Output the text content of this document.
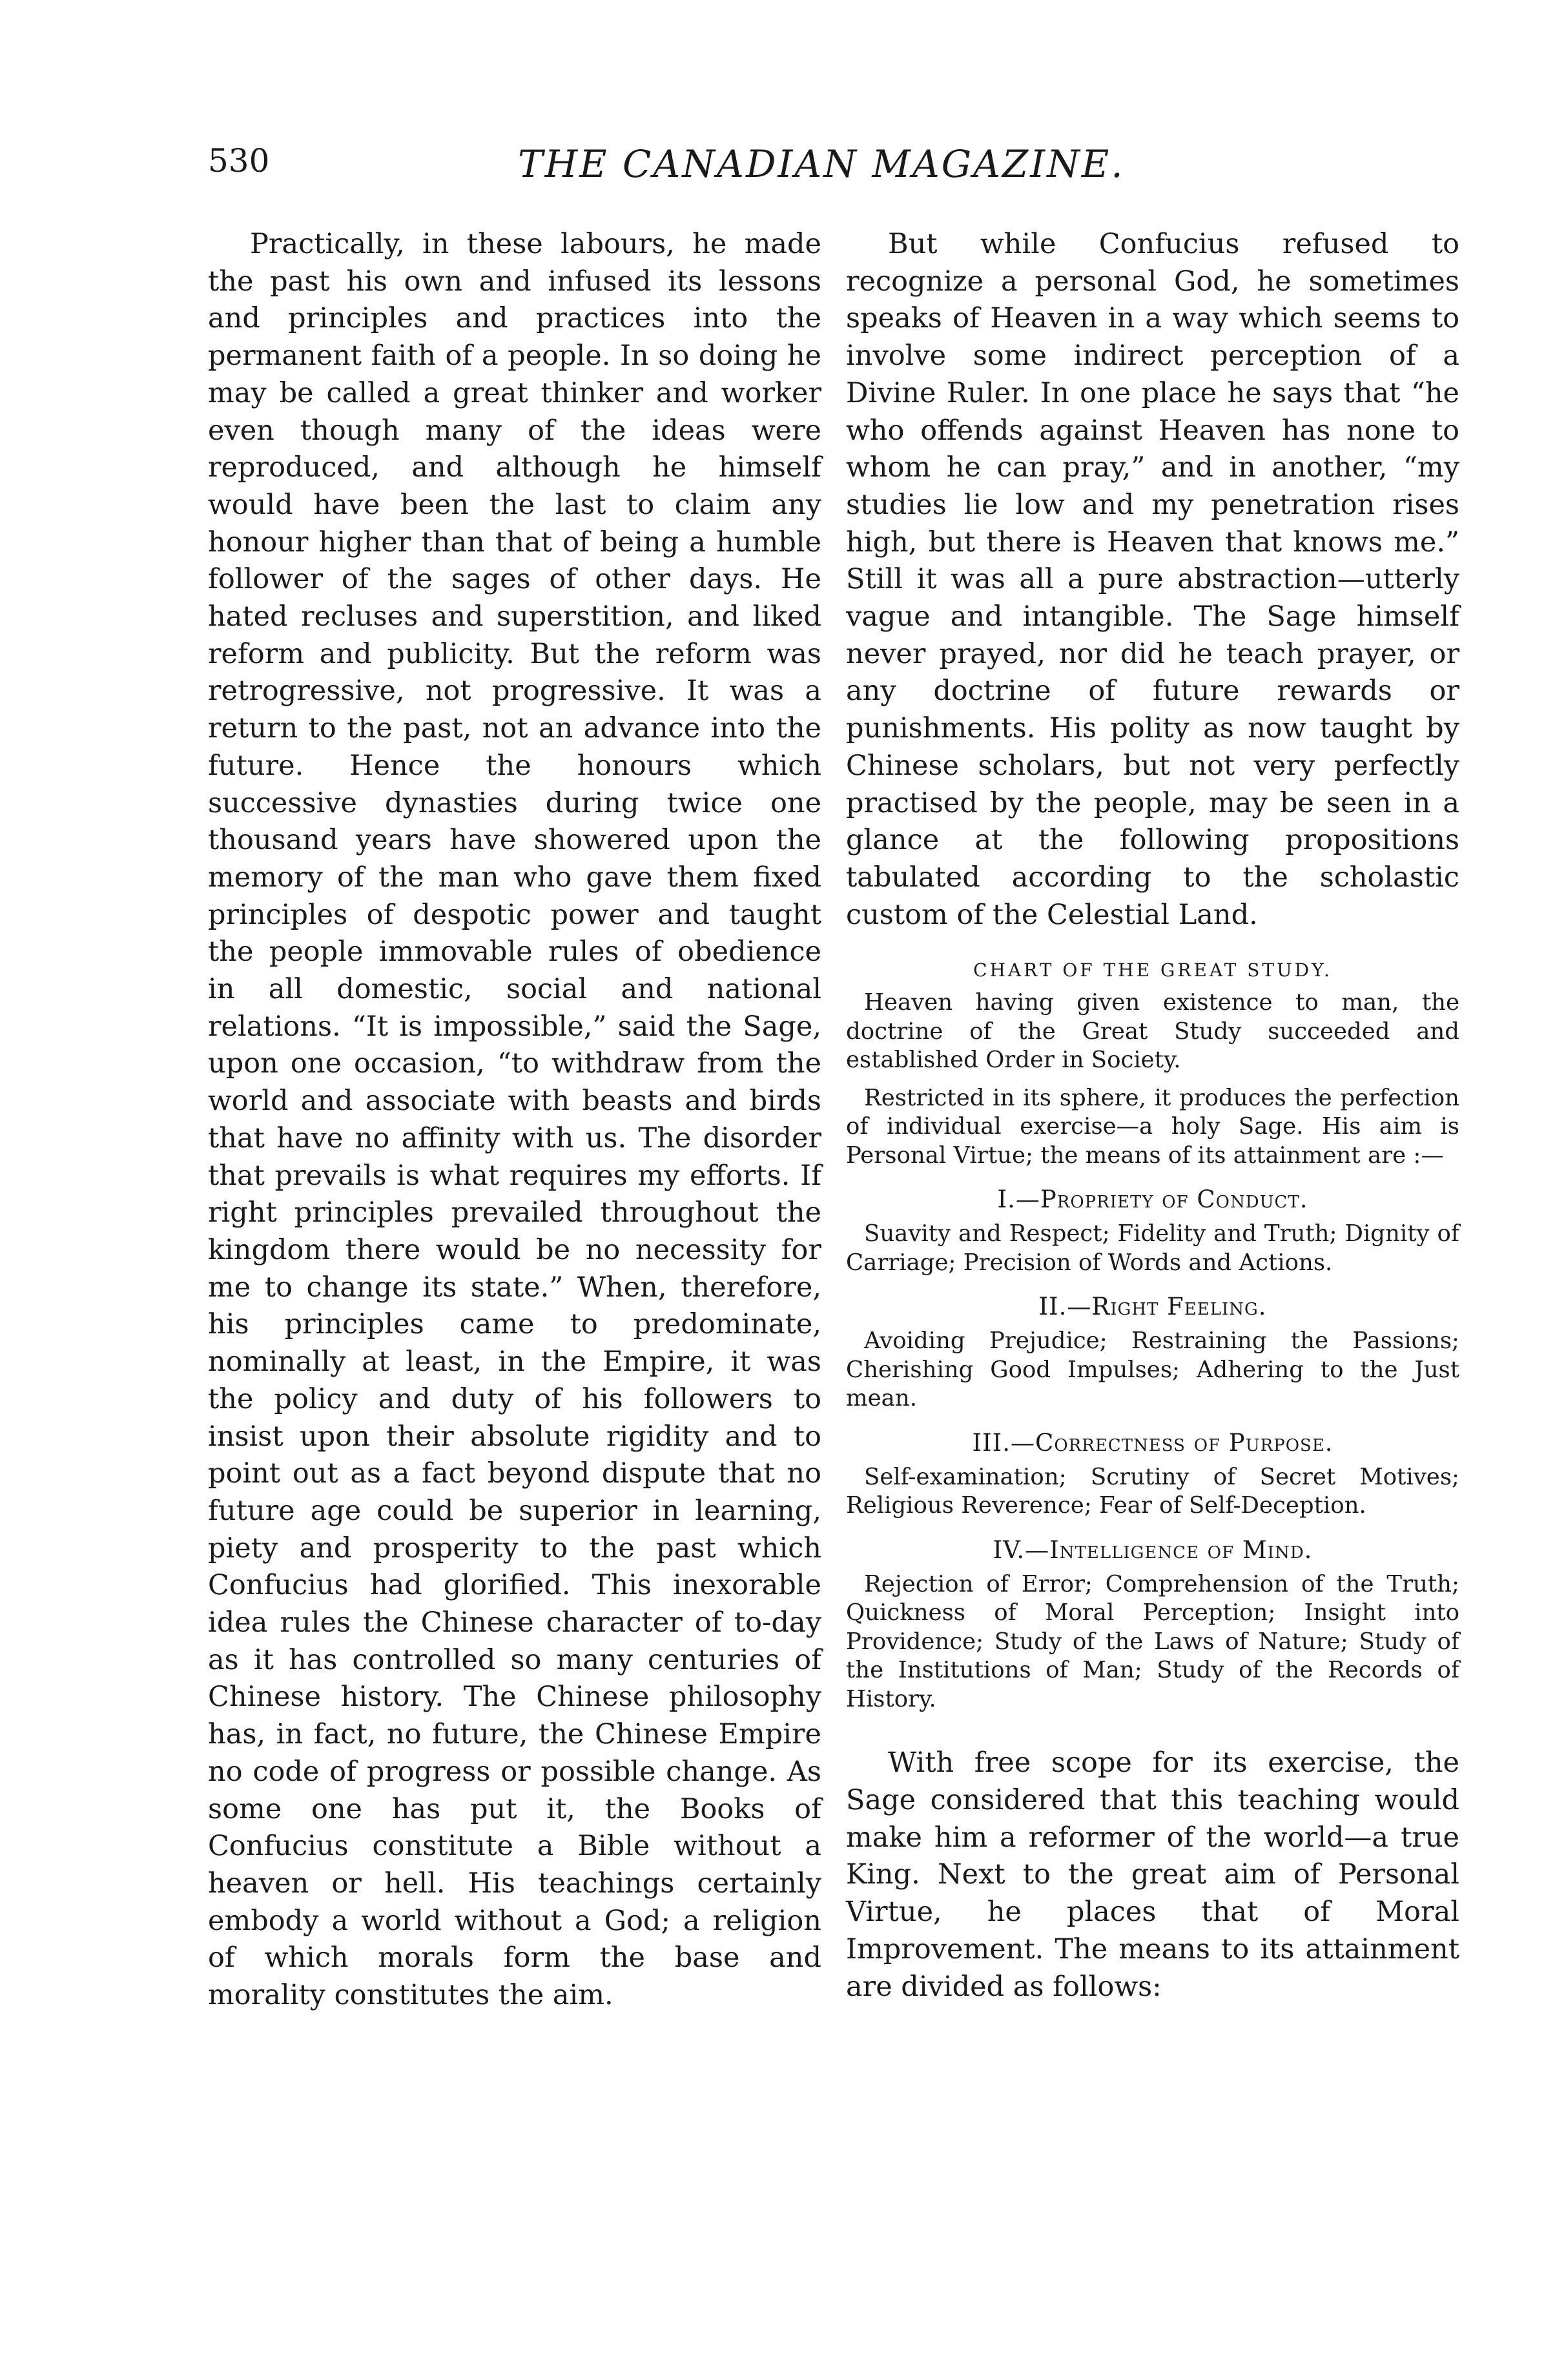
530	THE CANADIAN MAGAZINE.

Practically, in these labours, he made the past his own and infused its lessons and principles and practices into the permanent faith of a people. In so doing he may be called a great thinker and worker even though many of the ideas were reproduced, and although he himself would have been the last to claim any honour higher than that of being a humble follower of the sages of other days. He hated recluses and superstition, and liked reform and publicity. But the reform was retrogressive, not progressive. It was a return to the past, not an advance into the future. Hence the honours which successive dynasties during twice one thousand years have showered upon the memory of the man who gave them fixed principles of despotic power and taught the people immovable rules of obedience in all domestic, social and national relations. “It is impossible,” said the Sage, upon one occasion, “to withdraw from the world and associate with beasts and birds that have no affinity with us. The disorder that prevails is what requires my efforts. If right principles prevailed throughout the kingdom there would be no necessity for me to change its state.” When, therefore, his principles came to predominate, nominally at least, in the Empire, it was the policy and duty of his followers to insist upon their absolute rigidity and to point out as a fact beyond dispute that no future age could be superior in learning, piety and prosperity to the past which Confucius had glorified. This inexorable idea rules the Chinese character of to-day as it has controlled so many centuries of Chinese history. The Chinese philosophy has, in fact, no future, the Chinese Empire no code of progress or possible change. As some one has put it, the Books of Confucius constitute a Bible without a heaven or hell. His teachings certainly embody a world without a God; a religion of which morals form the base and morality constitutes the aim.

But while Confucius refused to recognize a personal God, he sometimes speaks of Heaven in a way which seems to involve some indirect perception of a Divine Ruler. In one place he says that “he who offends against Heaven has none to whom he can pray,” and in another, “my studies lie low and my penetration rises high, but there is Heaven that knows me.” Still it was all a pure abstraction—utterly vague and intangible. The Sage himself never prayed, nor did he teach prayer, or any doctrine of future rewards or punishments. His polity as now taught by Chinese scholars, but not very perfectly practised by the people, may be seen in a glance at the following propositions tabulated according to the scholastic custom of the Celestial Land.

CHART OF THE GREAT STUDY.

Heaven having given existence to man, the doctrine of the Great Study succeeded and established Order in Society.

Restricted in its sphere, it produces the perfection of individual exercise—a holy Sage. His aim is Personal Virtue; the means of its attainment are :—

I.—Propriety of Conduct.

Suavity and Respect; Fidelity and Truth; Dignity of Carriage; Precision of Words and Actions.

II.—Right Feeling.

Avoiding Prejudice; Restraining the Passions; Cherishing Good Impulses; Adhering to the Just mean.

III.—Correctness of Purpose.

Self-examination; Scrutiny of Secret Motives; Religious Reverence; Fear of Self-Deception.

IV.—Intelligence of Mind.

Rejection of Error; Comprehension of the Truth; Quickness of Moral Perception; Insight into Providence; Study of the Laws of Nature; Study of the Institutions of Man; Study of the Records of History.

With free scope for its exercise, the Sage considered that this teaching would make him a reformer of the world—a true King. Next to the great aim of Personal Virtue, he places that of Moral Improvement. The means to its attainment are divided as follows:
